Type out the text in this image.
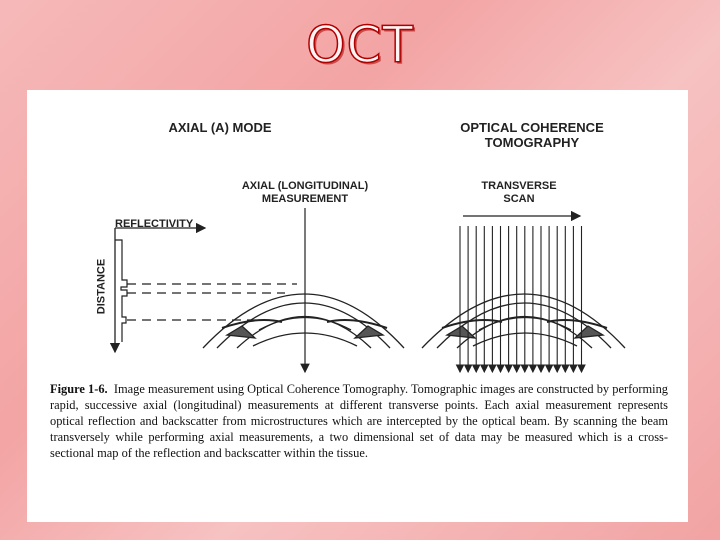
OCT
AXIAL (A) MODE	OPTICAL COHERENCE
TOMOGRAPHY
AXIAL (LONGITUDINAL)
MEASUREMENT
TRANSVERSE
SCAN
REFLECTIVITY
DISTANCE
Figure 1-6. Image measurement using Optical Coherence Tomography. Tomographic images are constructed by performing rapid, successive axial (longitudinal) measurements at different transverse points. Each axial measurement represents optical reflection and backscatter from microstructures which are intercepted by the optical beam. By scanning the beam transversely while performing axial measurements, a two dimensional set of data may be measured which is a cross-sectional map of the reflection and backscatter within the tissue.
